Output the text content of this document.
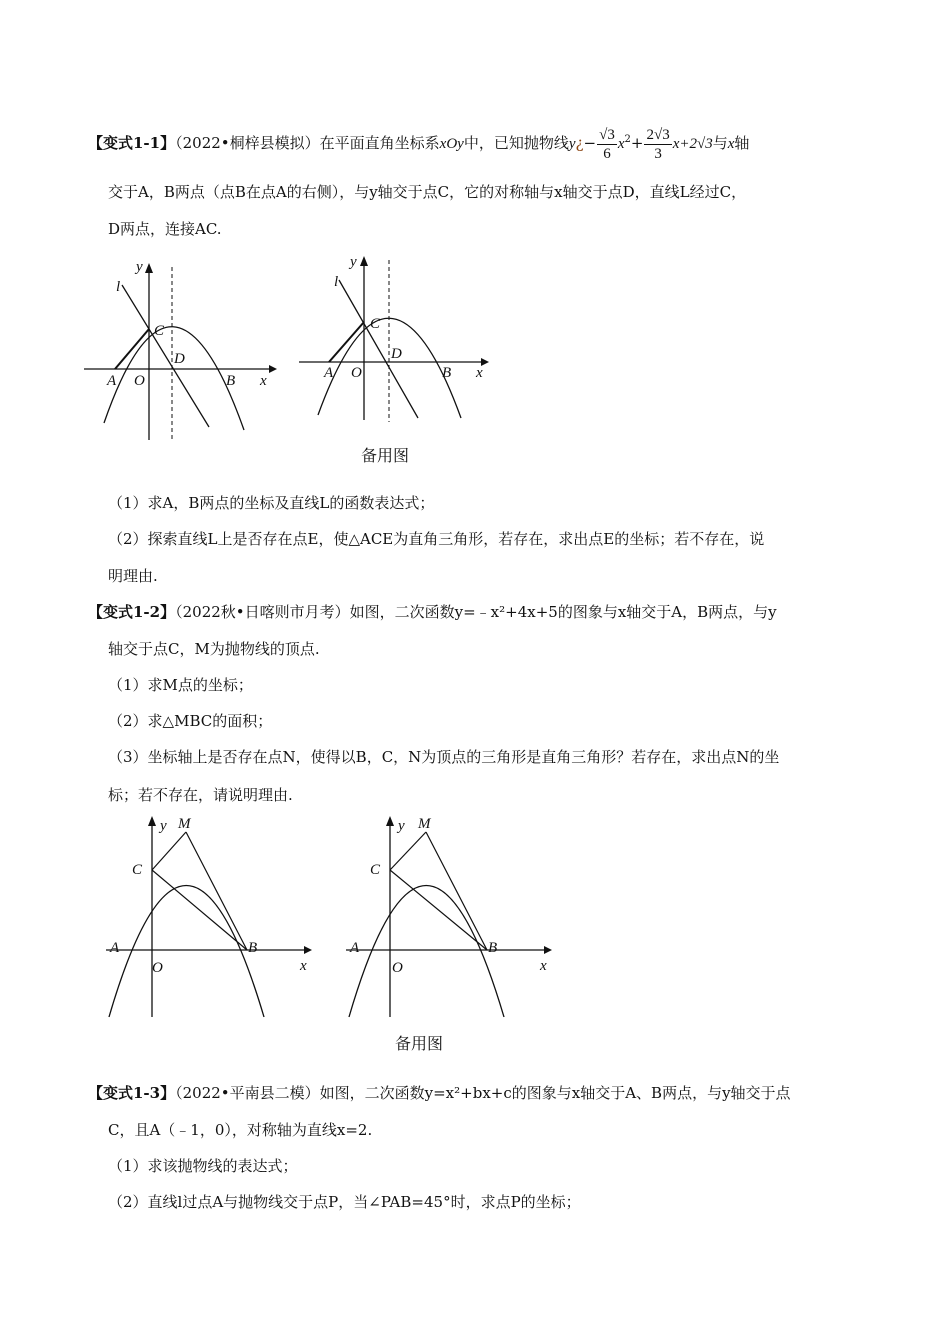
【变式1-1】（2022•桐梓县模拟）在平面直角坐标系xOy中，已知抛物线y¿− $\frac{√3}{6} x^2+ \frac{2√3}{3} x+2√3$与x轴
交于A，B两点（点B在点A的右侧），与y轴交于点C，它的对称轴与x轴交于点D，直线L经过C，
D两点，连接AC.
y
l
C
D
A O	B x
y
l
C
D
A O	B x
备用图
（1）求A，B两点的坐标及直线L的函数表达式；
（2）探索直线L上是否存在点E，使△ACE为直角三角形，若存在，求出点E的坐标；若不存在，说
明理由.
【变式1-2】（2022秋•日喀则市月考）如图，二次函数y=﹣x²+4x+5的图象与x轴交于A，B两点，与y
轴交于点C，M为抛物线的顶点.
（1）求M点的坐标；
（2）求△MBC的面积；
（3）坐标轴上是否存在点N，使得以B，C，N为顶点的三角形是直角三角形？若存在，求出点N的坐
标；若不存在，请说明理由.
y M
C
A	B
O	x
y M
C
A	B
O	x
备用图
【变式1-3】（2022•平南县二模）如图，二次函数y=x²+bx+c的图象与x轴交于A、B两点，与y轴交于点
C，且A（﹣1，0），对称轴为直线x=2.
（1）求该抛物线的表达式；
（2）直线l过点A与抛物线交于点P，当∠PAB=45°时，求点P的坐标；
